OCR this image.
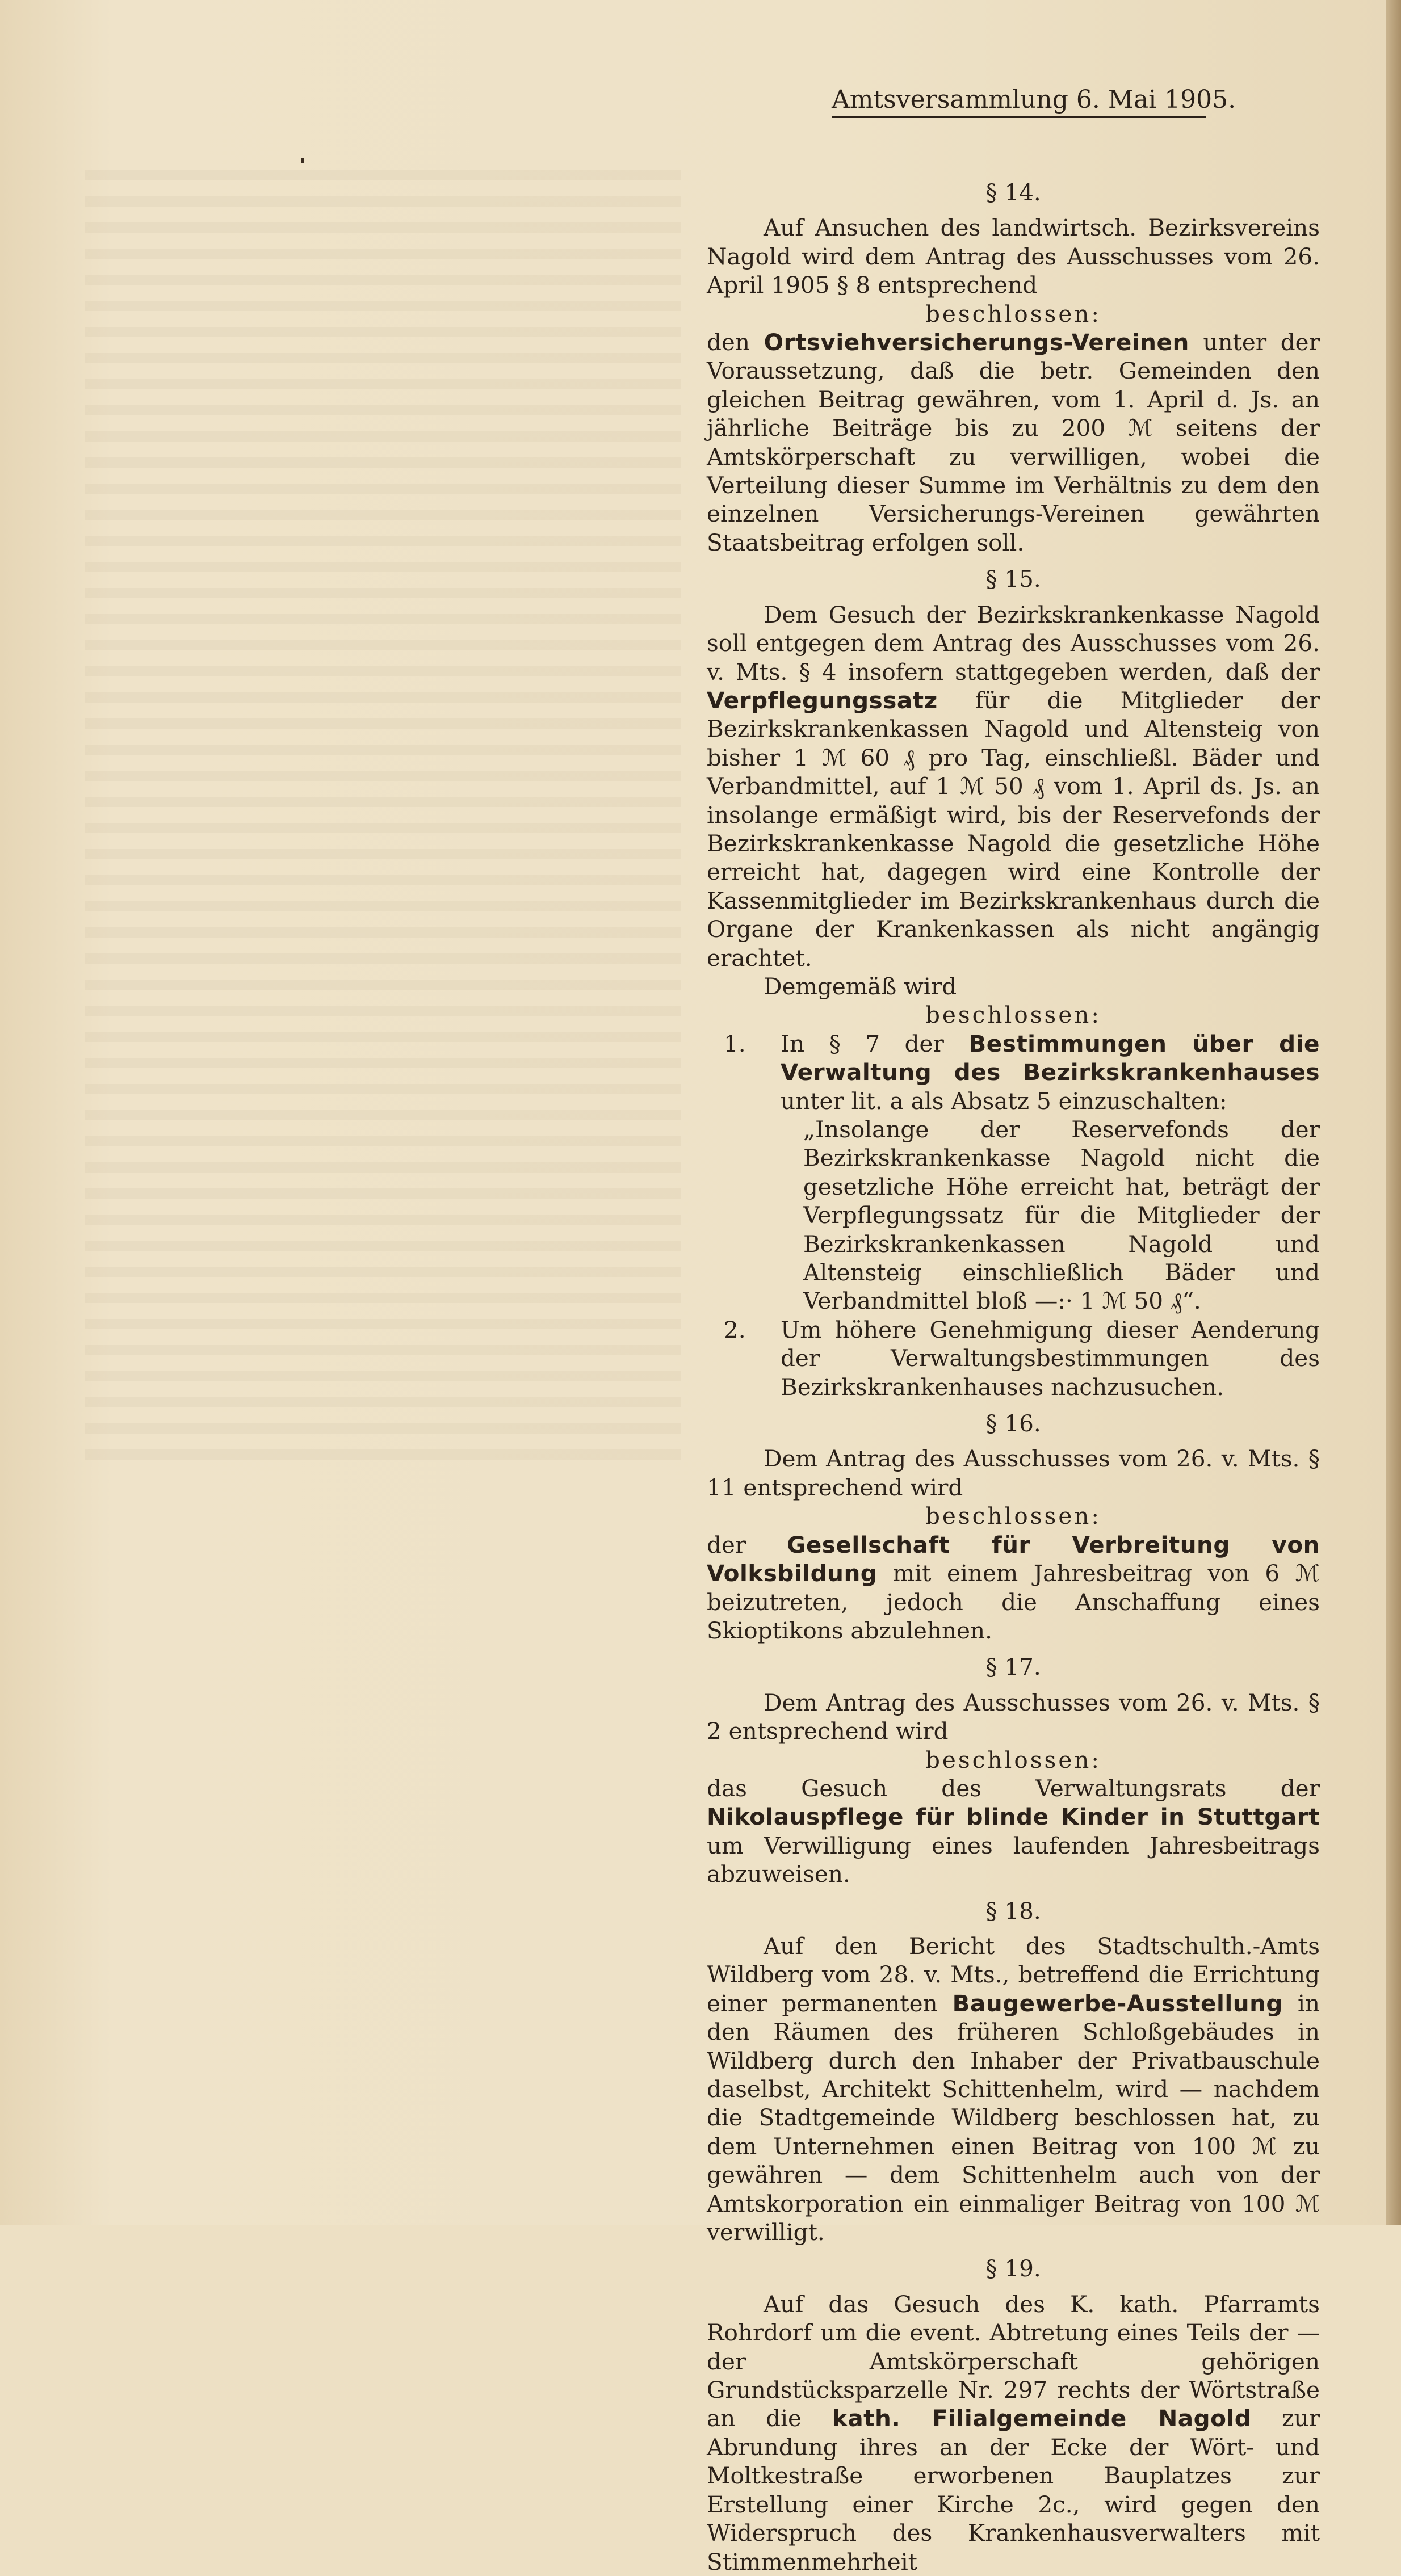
Amtsversammlung 6. Mai 1905.
§ 14.

Auf Ansuchen des landwirtsch. Bezirksvereins Nagold wird dem Antrag des Ausschusses vom 26. April 1905 § 8 entsprechend

beschlossen:

den Ortsviehversicherungs-Vereinen unter der Voraussetzung, daß die betr. Gemeinden den gleichen Beitrag gewähren, vom 1. April d. Js. an jährliche Beiträge bis zu 200 ℳ seitens der Amtskörperschaft zu verwilligen, wobei die Verteilung dieser Summe im Verhältnis zu dem den einzelnen Versicherungs-Vereinen gewährten Staatsbeitrag erfolgen soll.

§ 15.

Dem Gesuch der Bezirkskrankenkasse Nagold soll entgegen dem Antrag des Ausschusses vom 26. v. Mts. § 4 insofern stattgegeben werden, daß der Verpflegungssatz für die Mitglieder der Bezirkskrankenkassen Nagold und Altensteig von bisher 1 ℳ 60 ₰ pro Tag, einschließl. Bäder und Verbandmittel, auf 1 ℳ 50 ₰ vom 1. April ds. Js. an insolange ermäßigt wird, bis der Reservefonds der Bezirkskrankenkasse Nagold die gesetzliche Höhe erreicht hat, dagegen wird eine Kontrolle der Kassenmitglieder im Bezirkskrankenhaus durch die Organe der Krankenkassen als nicht angängig erachtet.

Demgemäß wird

beschlossen:
1. In § 7 der Bestimmungen über die Verwaltung des Bezirkskrankenhauses unter lit. a als Absatz 5 einzuschalten:

„Insolange der Reservefonds der Bezirkskrankenkasse Nagold nicht die gesetzliche Höhe erreicht hat, beträgt der Verpflegungssatz für die Mitglieder der Bezirkskrankenkassen Nagold und Altensteig einschließlich Bäder und Verbandmittel bloß —:· 1 ℳ 50 ₰“.

2. Um höhere Genehmigung dieser Aenderung der Verwaltungsbestimmungen des Bezirkskrankenhauses nachzusuchen.

§ 16.

Dem Antrag des Ausschusses vom 26. v. Mts. § 11 entsprechend wird

beschlossen:

der Gesellschaft für Verbreitung von Volksbildung mit einem Jahresbeitrag von 6 ℳ beizutreten, jedoch die Anschaffung eines Skioptikons abzulehnen.

§ 17.

Dem Antrag des Ausschusses vom 26. v. Mts. § 2 entsprechend wird

beschlossen:

das Gesuch des Verwaltungsrats der Nikolauspflege für blinde Kinder in Stuttgart um Verwilligung eines laufenden Jahresbeitrags abzuweisen.

§ 18.

Auf den Bericht des Stadtschulth.-Amts Wildberg vom 28. v. Mts., betreffend die Errichtung einer permanenten Baugewerbe-Ausstellung in den Räumen des früheren Schloßgebäudes in Wildberg durch den Inhaber der Privatbauschule daselbst, Architekt Schittenhelm, wird — nachdem die Stadtgemeinde Wildberg beschlossen hat, zu dem Unternehmen einen Beitrag von 100 ℳ zu gewähren — dem Schittenhelm auch von der Amtskorporation ein einmaliger Beitrag von 100 ℳ verwilligt.

§ 19.

Auf das Gesuch des K. kath. Pfarramts Rohrdorf um die event. Abtretung eines Teils der — der Amtskörperschaft gehörigen Grundstücksparzelle Nr. 297 rechts der Wörtstraße an die kath. Filialgemeinde Nagold zur Abrundung ihres an der Ecke der Wört- und Moltkestraße erworbenen Bauplatzes zur Erstellung einer Kirche 2c., wird gegen den Widerspruch des Krankenhausverwalters mit Stimmenmehrheit
